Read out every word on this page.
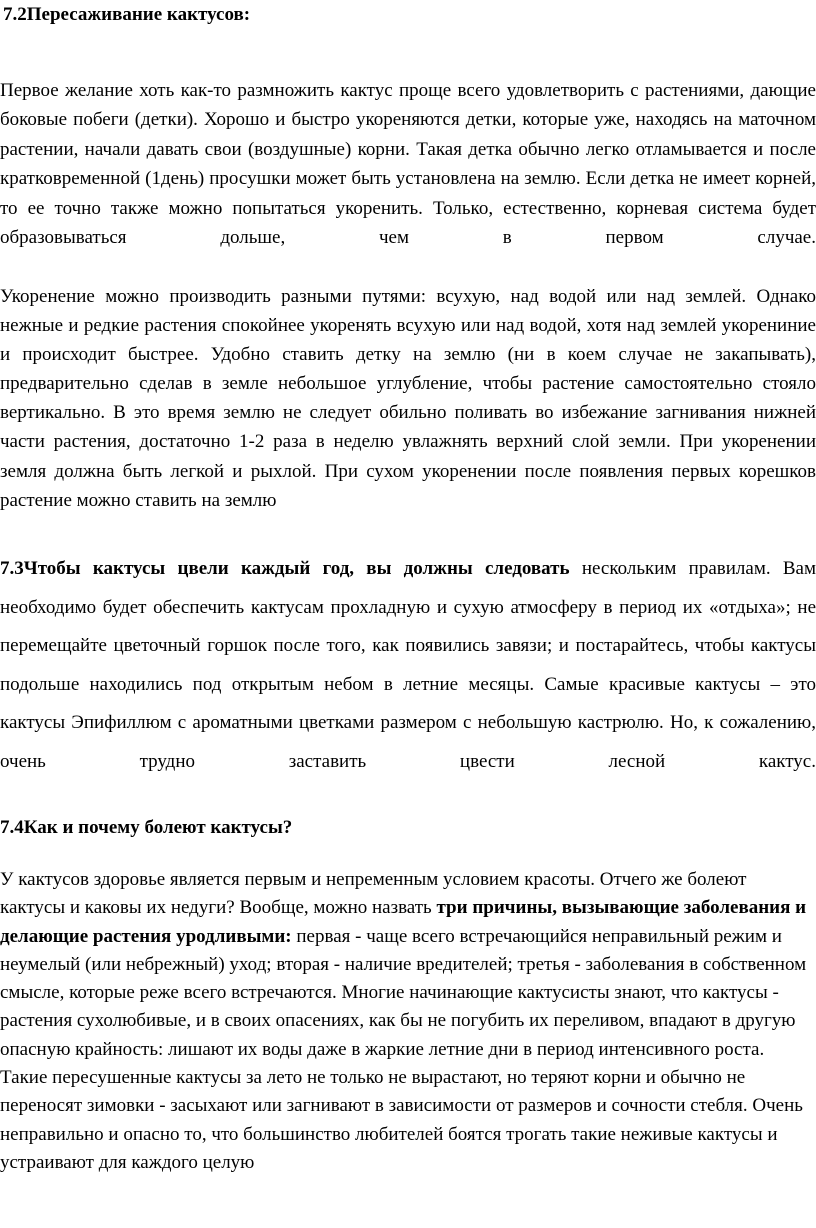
7.2Пересаживание кактусов:

Первое желание хоть как-то размножить кактус проще всего удовлетворить с растениями, дающие боковые побеги (детки). Хорошо и быстро укореняются детки, которые уже, находясь на маточном растении, начали давать свои (воздушные) корни. Такая детка обычно легко отламывается и после кратковременной (1день) просушки может быть установлена на землю. Если детка не имеет корней, то ее точно также можно попытаться укоренить. Только, естественно, корневая система будет образовываться дольше, чем в первом случае.

Укоренение можно производить разными путями: всухую, над водой или над землей. Однако нежные и редкие растения спокойнее укоренять всухую или над водой, хотя над землей укорениние и происходит быстрее. Удобно ставить детку на землю (ни в коем случае не закапывать), предварительно сделав в земле небольшое углубление, чтобы растение самостоятельно стояло вертикально. В это время землю не следует обильно поливать во избежание загнивания нижней части растения, достаточно 1-2 раза в неделю увлажнять верхний слой земли. При укоренении земля должна быть легкой и рыхлой. При сухом укоренении после появления первых корешков растение можно ставить на землю

7.3Чтобы кактусы цвели каждый год, вы должны следовать нескольким правилам. Вам необходимо будет обеспечить кактусам прохладную и сухую атмосферу в период их «отдыха»; не перемещайте цветочный горшок после того, как появились завязи; и постарайтесь, чтобы кактусы подольше находились под открытым небом в летние месяцы. Самые красивые кактусы – это кактусы Эпифиллюм с ароматными цветками размером с небольшую кастрюлю. Но, к сожалению, очень трудно заставить цвести лесной кактус.

7.4Как и почему болеют кактусы?

У кактусов здоровье является первым и непременным условием красоты. Отчего же болеют кактусы и каковы их недуги? Вообще, можно назвать три причины, вызывающие заболевания и делающие растения уродливыми: первая - чаще всего встречающийся неправильный режим и неумелый (или небрежный) уход; вторая - наличие вредителей; третья - заболевания в собственном смысле, которые реже всего встречаются. Многие начинающие кактусисты знают, что кактусы - растения сухолюбивые, и в своих опасениях, как бы не погубить их переливом, впадают в другую опасную крайность: лишают их воды даже в жаркие летние дни в период интенсивного роста. Такие пересушенные кактусы за лето не только не вырастают, но теряют корни и обычно не переносят зимовки - засыхают или загнивают в зависимости от размеров и сочности стебля. Очень неправильно и опасно то, что большинство любителей боятся трогать такие неживые кактусы и устраивают для каждого целую
